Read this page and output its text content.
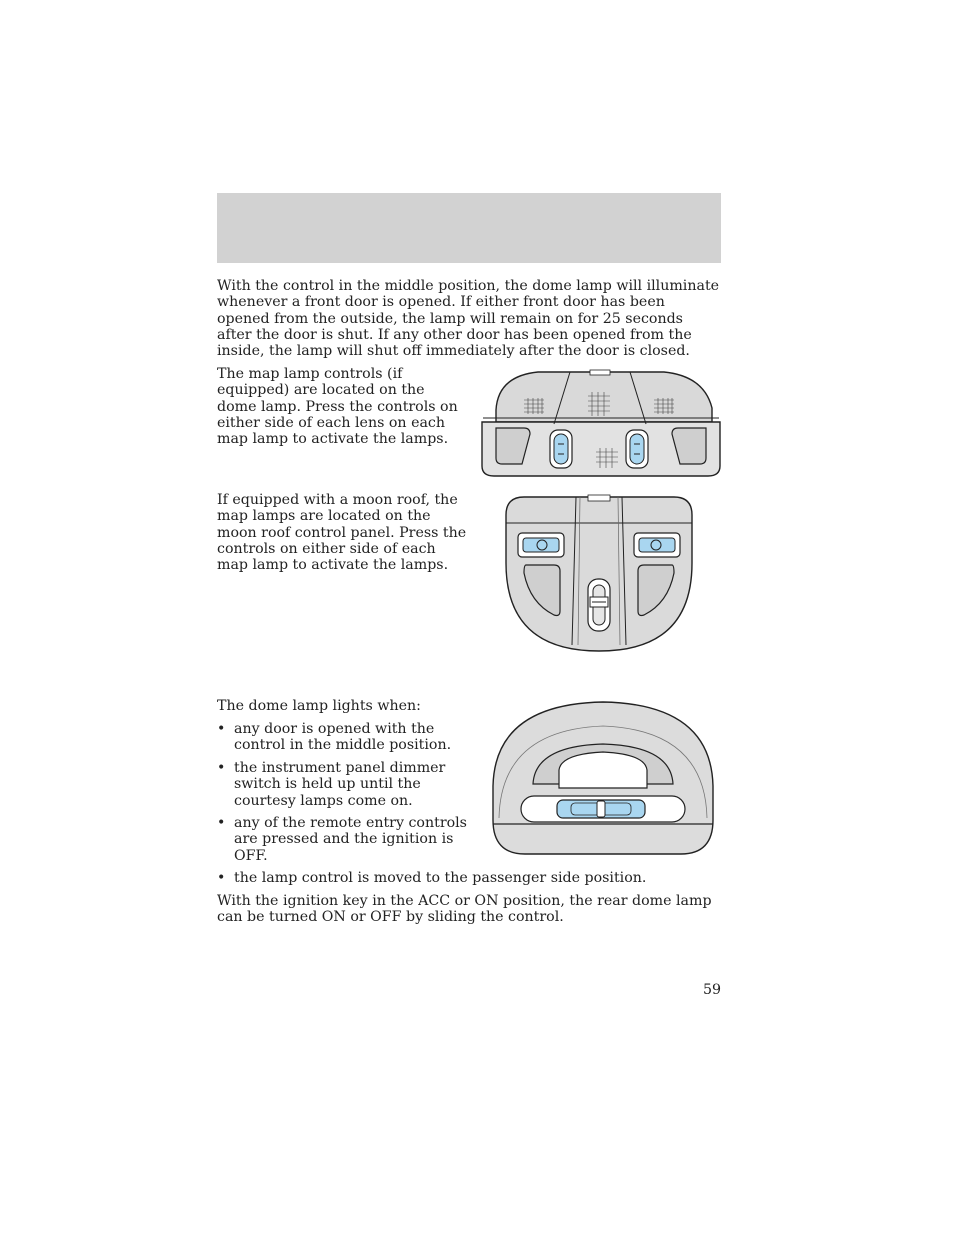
With the control in the middle position, the dome lamp will illuminate whenever a front door is opened. If either front door has been opened from the outside, the lamp will remain on for 25 seconds after the door is shut. If any other door has been opened from the inside, the lamp will shut off immediately after the door is closed.

The map lamp controls (if equipped) are located on the dome lamp. Press the controls on either side of each lens on each map lamp to activate the lamps.

If equipped with a moon roof, the map lamps are located on the moon roof control panel. Press the controls on either side of each map lamp to activate the lamps.

The dome lamp lights when:

• any door is opened with the control in the middle position.
• the instrument panel dimmer switch is held up until the courtesy lamps come on.
• any of the remote entry controls are pressed and the ignition is OFF.
• the lamp control is moved to the passenger side position.

With the ignition key in the ACC or ON position, the rear dome lamp can be turned ON or OFF by sliding the control.

59
